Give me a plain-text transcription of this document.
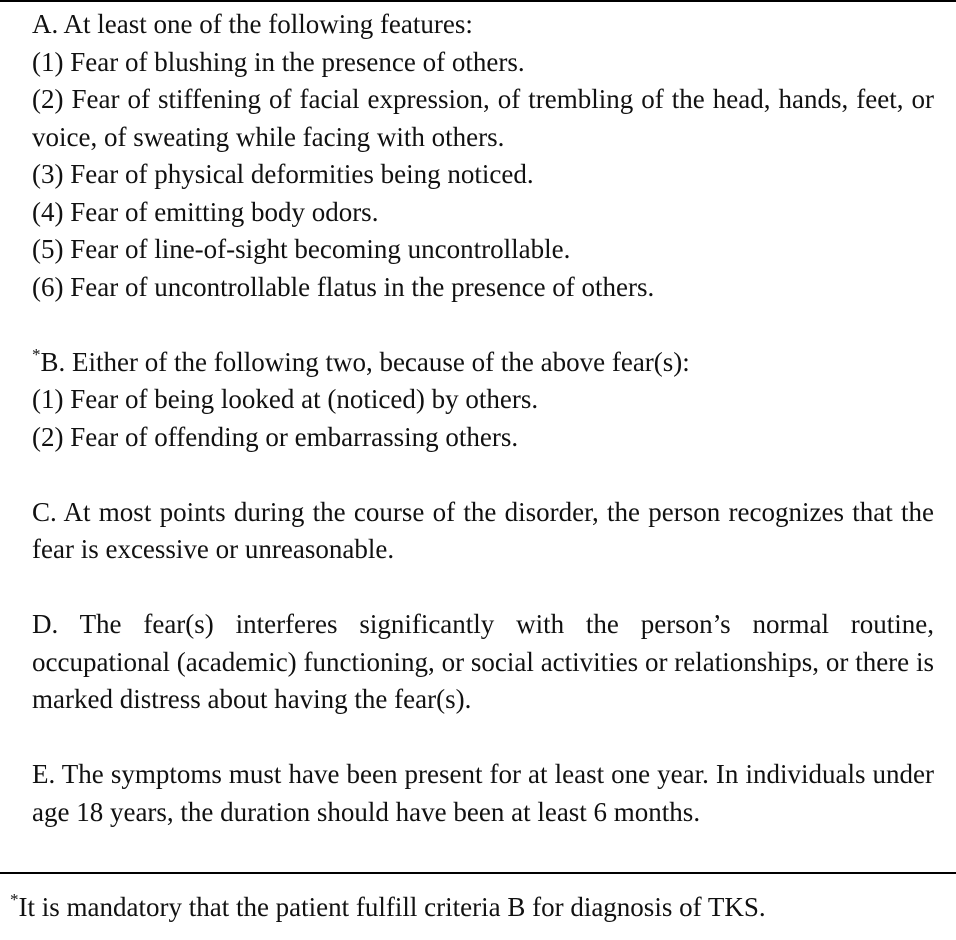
A. At least one of the following features:
(1) Fear of blushing in the presence of others.
(2) Fear of stiffening of facial expression, of trembling of the head, hands, feet, or voice, of sweating while facing with others.
(3) Fear of physical deformities being noticed.
(4) Fear of emitting body odors.
(5) Fear of line-of-sight becoming uncontrollable.
(6) Fear of uncontrollable flatus in the presence of others.
*B. Either of the following two, because of the above fear(s):
(1) Fear of being looked at (noticed) by others.
(2) Fear of offending or embarrassing others.
C. At most points during the course of the disorder, the person recognizes that the fear is excessive or unreasonable.
D. The fear(s) interferes significantly with the person’s normal routine, occupational (academic) functioning, or social activities or relationships, or there is marked distress about having the fear(s).
E. The symptoms must have been present for at least one year. In individuals under age 18 years, the duration should have been at least 6 months.
*It is mandatory that the patient fulfill criteria B for diagnosis of TKS.
